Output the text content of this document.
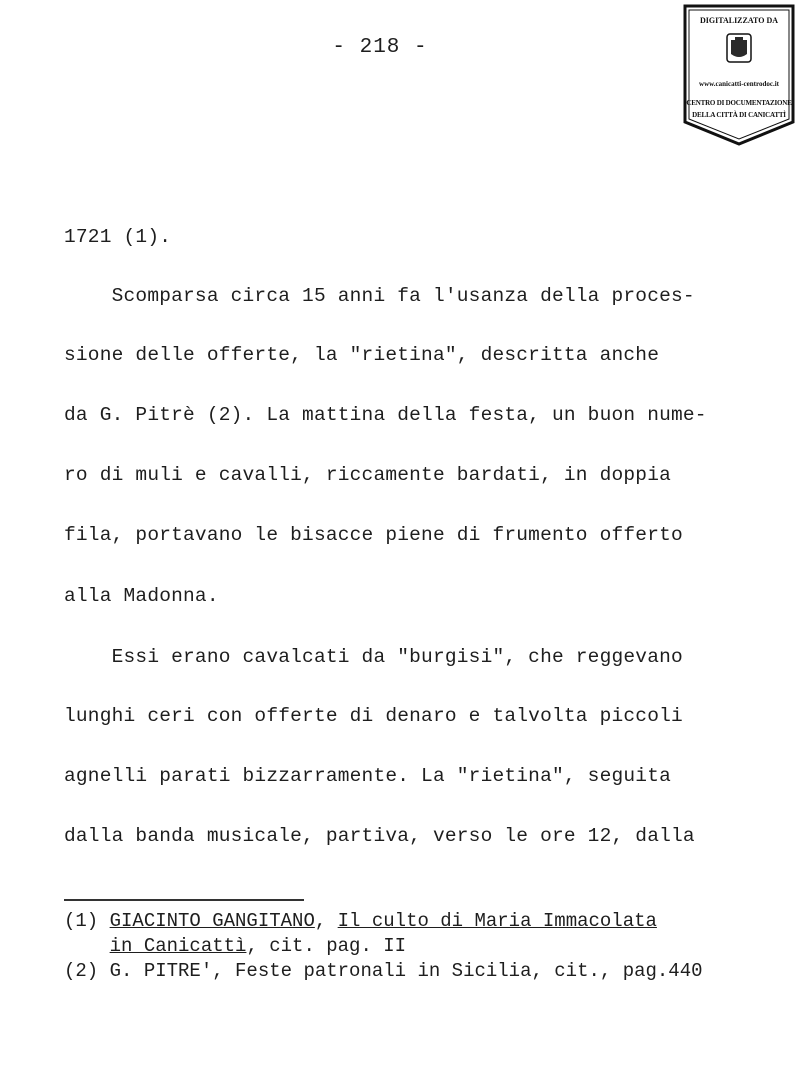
- 218 -
DIGITALIZZATO DA
www.canicatti-centrodoc.it
CENTRO DI DOCUMENTAZIONE
DELLA CITTÀ DI CANICATTÌ
1721 (1).
Scomparsa circa 15 anni fa l'usanza della proces-
sione delle offerte, la "rietina", descritta anche
da G. Pitrè (2). La mattina della festa, un buon nume-
ro di muli e cavalli, riccamente bardati, in doppia
fila, portavano le bisacce piene di frumento offerto
alla Madonna.
Essi erano cavalcati da "burgisi", che reggevano
lunghi ceri con offerte di denaro e talvolta piccoli
agnelli parati bizzarramente. La "rietina", seguita
dalla banda musicale, partiva, verso le ore 12, dalla
(1) GIACINTO GANGITANO, Il culto di Maria Immacolata
in Canicattì, cit. pag. II
(2) G. PITRE', Feste patronali in Sicilia, cit., pag.440
